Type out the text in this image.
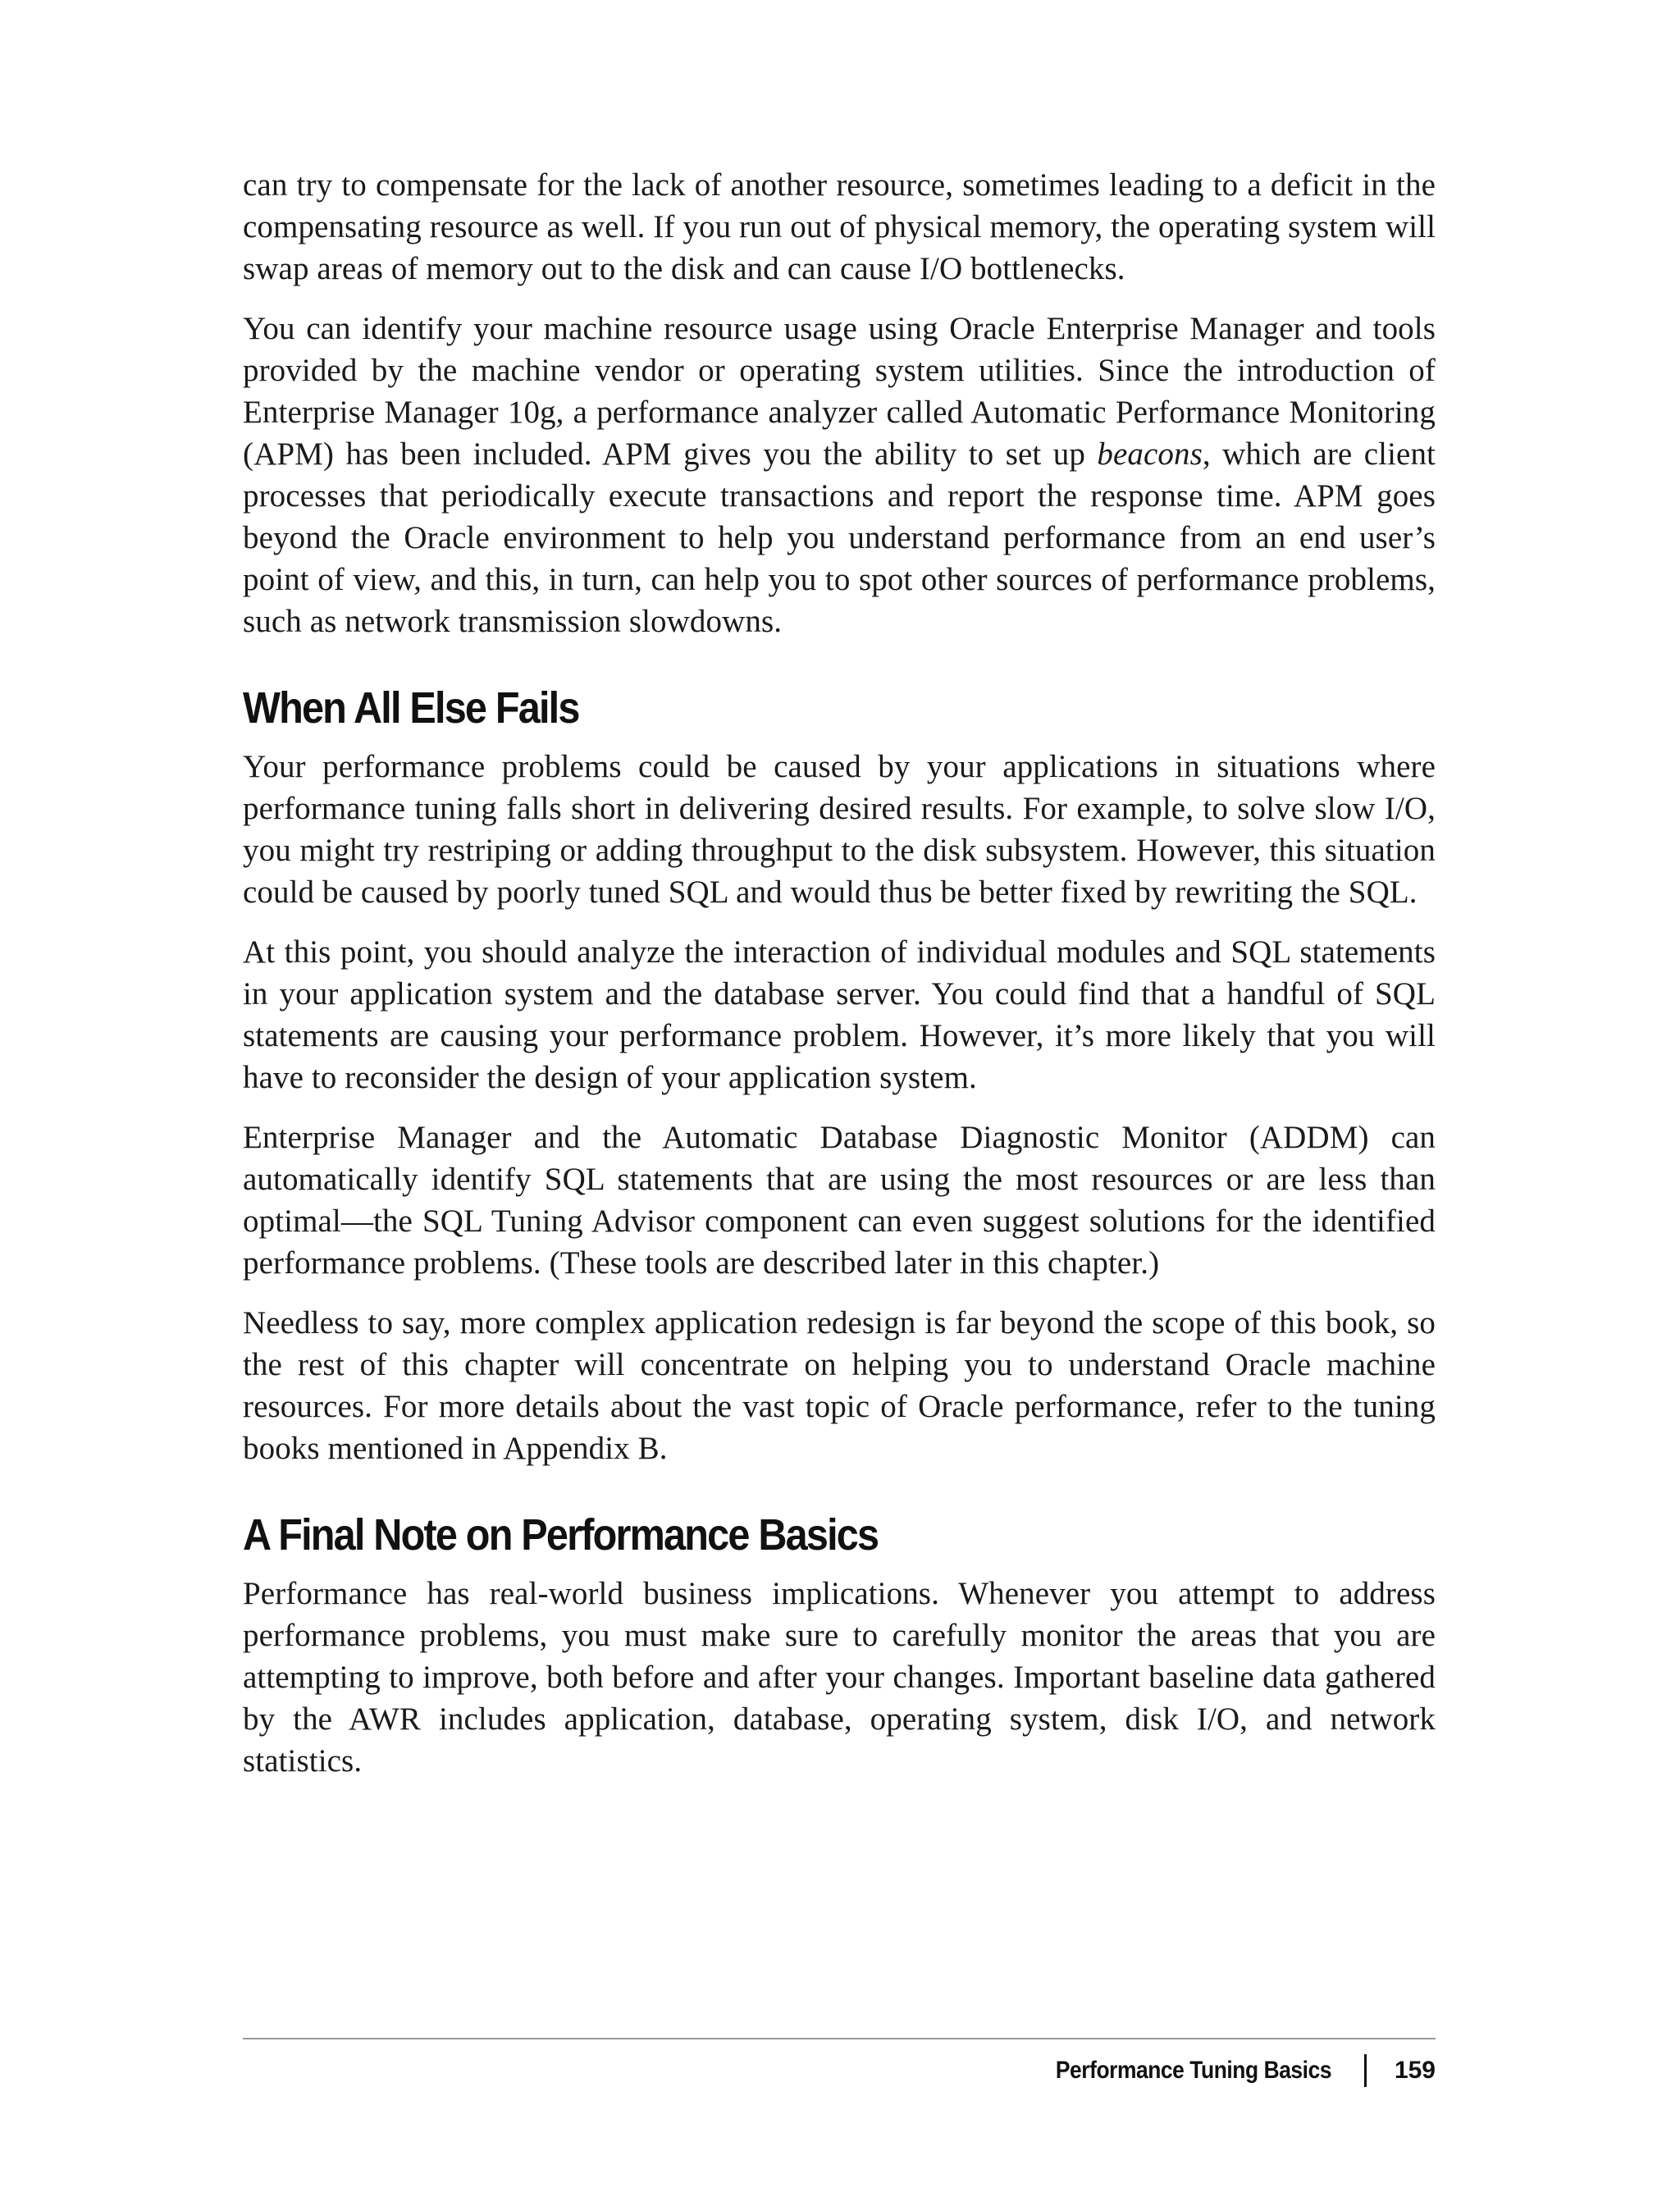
can try to compensate for the lack of another resource, sometimes leading to a deficit in the compensating resource as well. If you run out of physical memory, the operating system will swap areas of memory out to the disk and can cause I/O bottlenecks.

You can identify your machine resource usage using Oracle Enterprise Manager and tools provided by the machine vendor or operating system utilities. Since the introduction of Enterprise Manager 10g, a performance analyzer called Automatic Performance Monitoring (APM) has been included. APM gives you the ability to set up beacons, which are client processes that periodically execute transactions and report the response time. APM goes beyond the Oracle environment to help you understand performance from an end user’s point of view, and this, in turn, can help you to spot other sources of performance problems, such as network transmission slowdowns.

When All Else Fails

Your performance problems could be caused by your applications in situations where performance tuning falls short in delivering desired results. For example, to solve slow I/O, you might try restriping or adding throughput to the disk subsystem. However, this situation could be caused by poorly tuned SQL and would thus be better fixed by rewriting the SQL.

At this point, you should analyze the interaction of individual modules and SQL statements in your application system and the database server. You could find that a handful of SQL statements are causing your performance problem. However, it’s more likely that you will have to reconsider the design of your application system.

Enterprise Manager and the Automatic Database Diagnostic Monitor (ADDM) can automatically identify SQL statements that are using the most resources or are less than optimal—the SQL Tuning Advisor component can even suggest solutions for the identified performance problems. (These tools are described later in this chapter.)

Needless to say, more complex application redesign is far beyond the scope of this book, so the rest of this chapter will concentrate on helping you to understand Oracle machine resources. For more details about the vast topic of Oracle performance, refer to the tuning books mentioned in Appendix B.

A Final Note on Performance Basics

Performance has real-world business implications. Whenever you attempt to address performance problems, you must make sure to carefully monitor the areas that you are attempting to improve, both before and after your changes. Important baseline data gathered by the AWR includes application, database, operating system, disk I/O, and network statistics.

Performance Tuning Basics	159
